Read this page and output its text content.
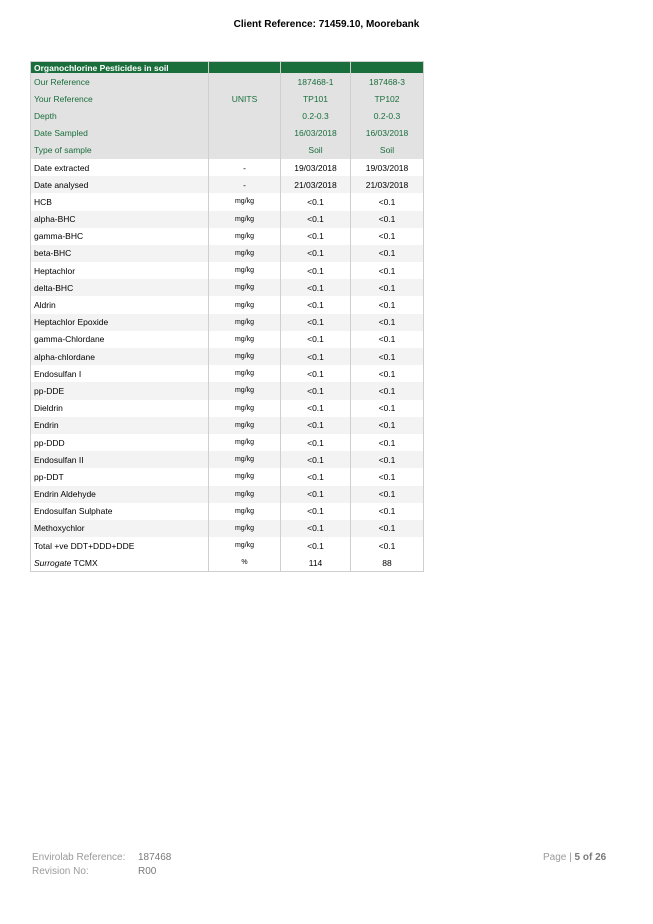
Client Reference: 71459.10, Moorebank
Organochlorine Pesticides in soil			
Our Reference		187468-1	187468-3
Your Reference	UNITS	TP101	TP102
Depth		0.2-0.3	0.2-0.3
Date Sampled		16/03/2018	16/03/2018
Type of sample		Soil	Soil
Date extracted	-	19/03/2018	19/03/2018
Date analysed	-	21/03/2018	21/03/2018
HCB	mg/kg	<0.1	<0.1
alpha-BHC	mg/kg	<0.1	<0.1
gamma-BHC	mg/kg	<0.1	<0.1
beta-BHC	mg/kg	<0.1	<0.1
Heptachlor	mg/kg	<0.1	<0.1
delta-BHC	mg/kg	<0.1	<0.1
Aldrin	mg/kg	<0.1	<0.1
Heptachlor Epoxide	mg/kg	<0.1	<0.1
gamma-Chlordane	mg/kg	<0.1	<0.1
alpha-chlordane	mg/kg	<0.1	<0.1
Endosulfan I	mg/kg	<0.1	<0.1
pp-DDE	mg/kg	<0.1	<0.1
Dieldrin	mg/kg	<0.1	<0.1
Endrin	mg/kg	<0.1	<0.1
pp-DDD	mg/kg	<0.1	<0.1
Endosulfan II	mg/kg	<0.1	<0.1
pp-DDT	mg/kg	<0.1	<0.1
Endrin Aldehyde	mg/kg	<0.1	<0.1
Endosulfan Sulphate	mg/kg	<0.1	<0.1
Methoxychlor	mg/kg	<0.1	<0.1
Total +ve DDT+DDD+DDE	mg/kg	<0.1	<0.1
Surrogate TCMX	%	114	88
Envirolab Reference: 187468
Revision No:	R00
Page | 5 of 26
